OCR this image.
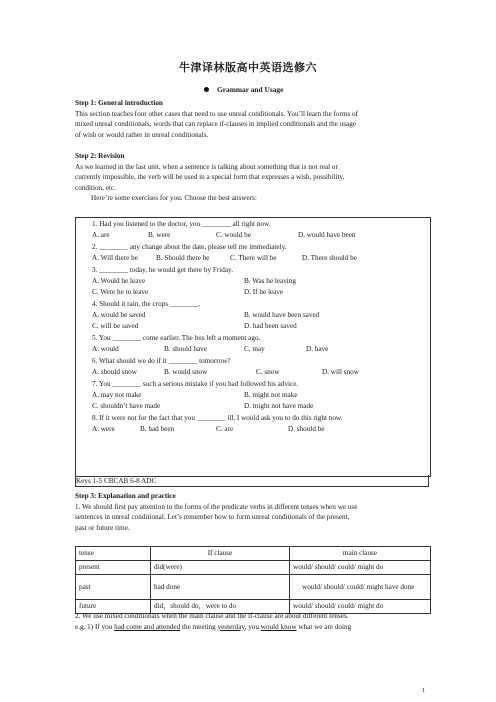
牛津译林版高中英语选修六
Grammar and Usage
Step 1: General introduction
This section teaches four other cases that need to use unreal conditionals. You’ll learn the forms of
mixed unreal conditionals, words that can replace if-clauses in implied conditionals and the usage
of wish or would rather in unreal conditionals.
Step 2: Revision
As we learned in the last unit, when a sentence is talking about something that is not real or
currently impossible, the verb will be used in a special form that expresses a wish, possibility,
condition, etc.
Here’re some exercises for you. Choose the best answers:
1. Had you listened to the doctor, you ________ all right now.
A. are	B. were	C. would be	D. would have been
2. ________ any change about the date, please tell me immediately.
A. Will there be	B. Should there be	C. There will be	D. There should be
3. ________ today, he would get there by Friday.
A. Would he leave	B. Was he leaving
C. Were he to leave	D. If he leave
4. Should it rain, the crops ________.
A. would be saved	B. would have been saved
C. will be saved	D. had been saved
5. You ________ come earlier. The bus left a moment ago.
A. would	B. should have	C. may	D. have
6. What should we do if it ________ tomorrow?
A. should snow	B. would snow	C. snow	D. will snow
7. You ________ such a serious mistake if you had followed his advice.
A. may not make	B. might not make
C. shouldn’t have made	D. might not have made
8. If it were not for the fact that you ________ ill, I would ask you to do this right now.
A. were	B. had been	C. are	D. should be
Keys 1-5 CBCAB 6-8 ADC
Step 3: Explanation and practice
1. We should first pay attention to the forms of the predicate verbs in different tenses when we use
sentences in unreal conditional. Let’s remember how to form unreal conditionals of the present,
past or future time.
tense	If clause	main clause
present	did(were)	would/ should/ could/ might do
past	had done	would/ should/ could/ might have done
future	did，should do，were to do	would/ should/ could/ might do
2. We use mixed conditionals when the main clause and the if-clause are about different tenses.
e.g. 1) If you had come and attended the meeting yesterday, you would know what we are doing
1
